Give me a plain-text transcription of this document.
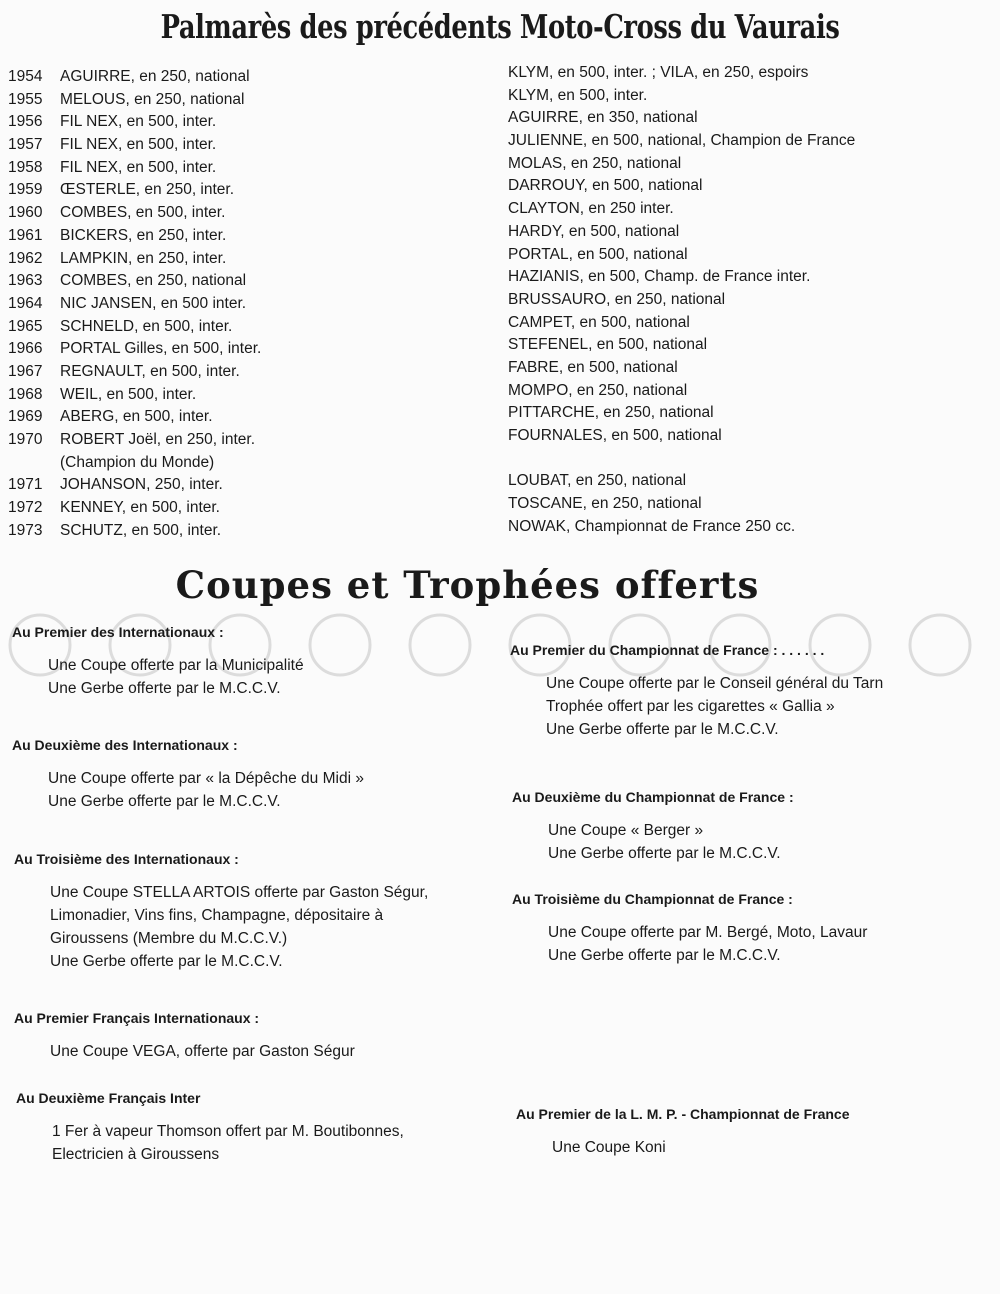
Palmarès des précédents Moto-Cross du Vaurais
1954 AGUIRRE, en 250, national
1955 MELOUS, en 250, national
1956 FIL NEX, en 500, inter.
1957 FIL NEX, en 500, inter.
1958 FIL NEX, en 500, inter.
1959 ŒSTERLE, en 250, inter.
1960 COMBES, en 500, inter.
1961 BICKERS, en 250, inter.
1962 LAMPKIN, en 250, inter.
1963 COMBES, en 250, national
1964 NIC JANSEN, en 500 inter.
1965 SCHNELD, en 500, inter.
1966 PORTAL Gilles, en 500, inter.
1967 REGNAULT, en 500, inter.
1968 WEIL, en 500, inter.
1969 ABERG, en 500, inter.
1970 ROBERT Joël, en 250, inter.
(Champion du Monde)
1971 JOHANSON, 250, inter.
1972 KENNEY, en 500, inter.
1973 SCHUTZ, en 500, inter.
KLYM, en 500, inter. ; VILA, en 250, espoirs
KLYM, en 500, inter.
AGUIRRE, en 350, national
JULIENNE, en 500, national, Champion de France
MOLAS, en 250, national
DARROUY, en 500, national
CLAYTON, en 250 inter.
HARDY, en 500, national
PORTAL, en 500, national
HAZIANIS, en 500, Champ. de France inter.
BRUSSAURO, en 250, national
CAMPET, en 500, national
STEFENEL, en 500, national
FABRE, en 500, national
MOMPO, en 250, national
PITTARCHE, en 250, national
FOURNALES, en 500, national
LOUBAT, en 250, national
TOSCANE, en 250, national
NOWAK, Championnat de France 250 cc.
Coupes et Trophées offerts
Au Premier des Internationaux :
Une Coupe offerte par la Municipalité
Une Gerbe offerte par le M.C.C.V.
Au Deuxième des Internationaux :
Une Coupe offerte par « la Dépêche du Midi »
Une Gerbe offerte par le M.C.C.V.
Au Troisième des Internationaux :
Une Coupe STELLA ARTOIS offerte par Gaston Ségur, Limonadier, Vins fins, Champagne, dépositaire à Giroussens (Membre du M.C.C.V.)
Une Gerbe offerte par le M.C.C.V.
Au Premier Français Internationaux :
Une Coupe VEGA, offerte par Gaston Ségur
Au Deuxième Français Inter
1 Fer à vapeur Thomson offert par M. Boutibonnes, Electricien à Giroussens
Au Premier du Championnat de France : . . . . . .
Une Coupe offerte par le Conseil général du Tarn
Trophée offert par les cigarettes « Gallia »
Une Gerbe offerte par le M.C.C.V.
Au Deuxième du Championnat de France :
Une Coupe « Berger »
Une Gerbe offerte par le M.C.C.V.
Au Troisième du Championnat de France :
Une Coupe offerte par M. Bergé, Moto, Lavaur
Une Gerbe offerte par le M.C.C.V.
Au Premier de la L. M. P. - Championnat de France
Une Coupe Koni
